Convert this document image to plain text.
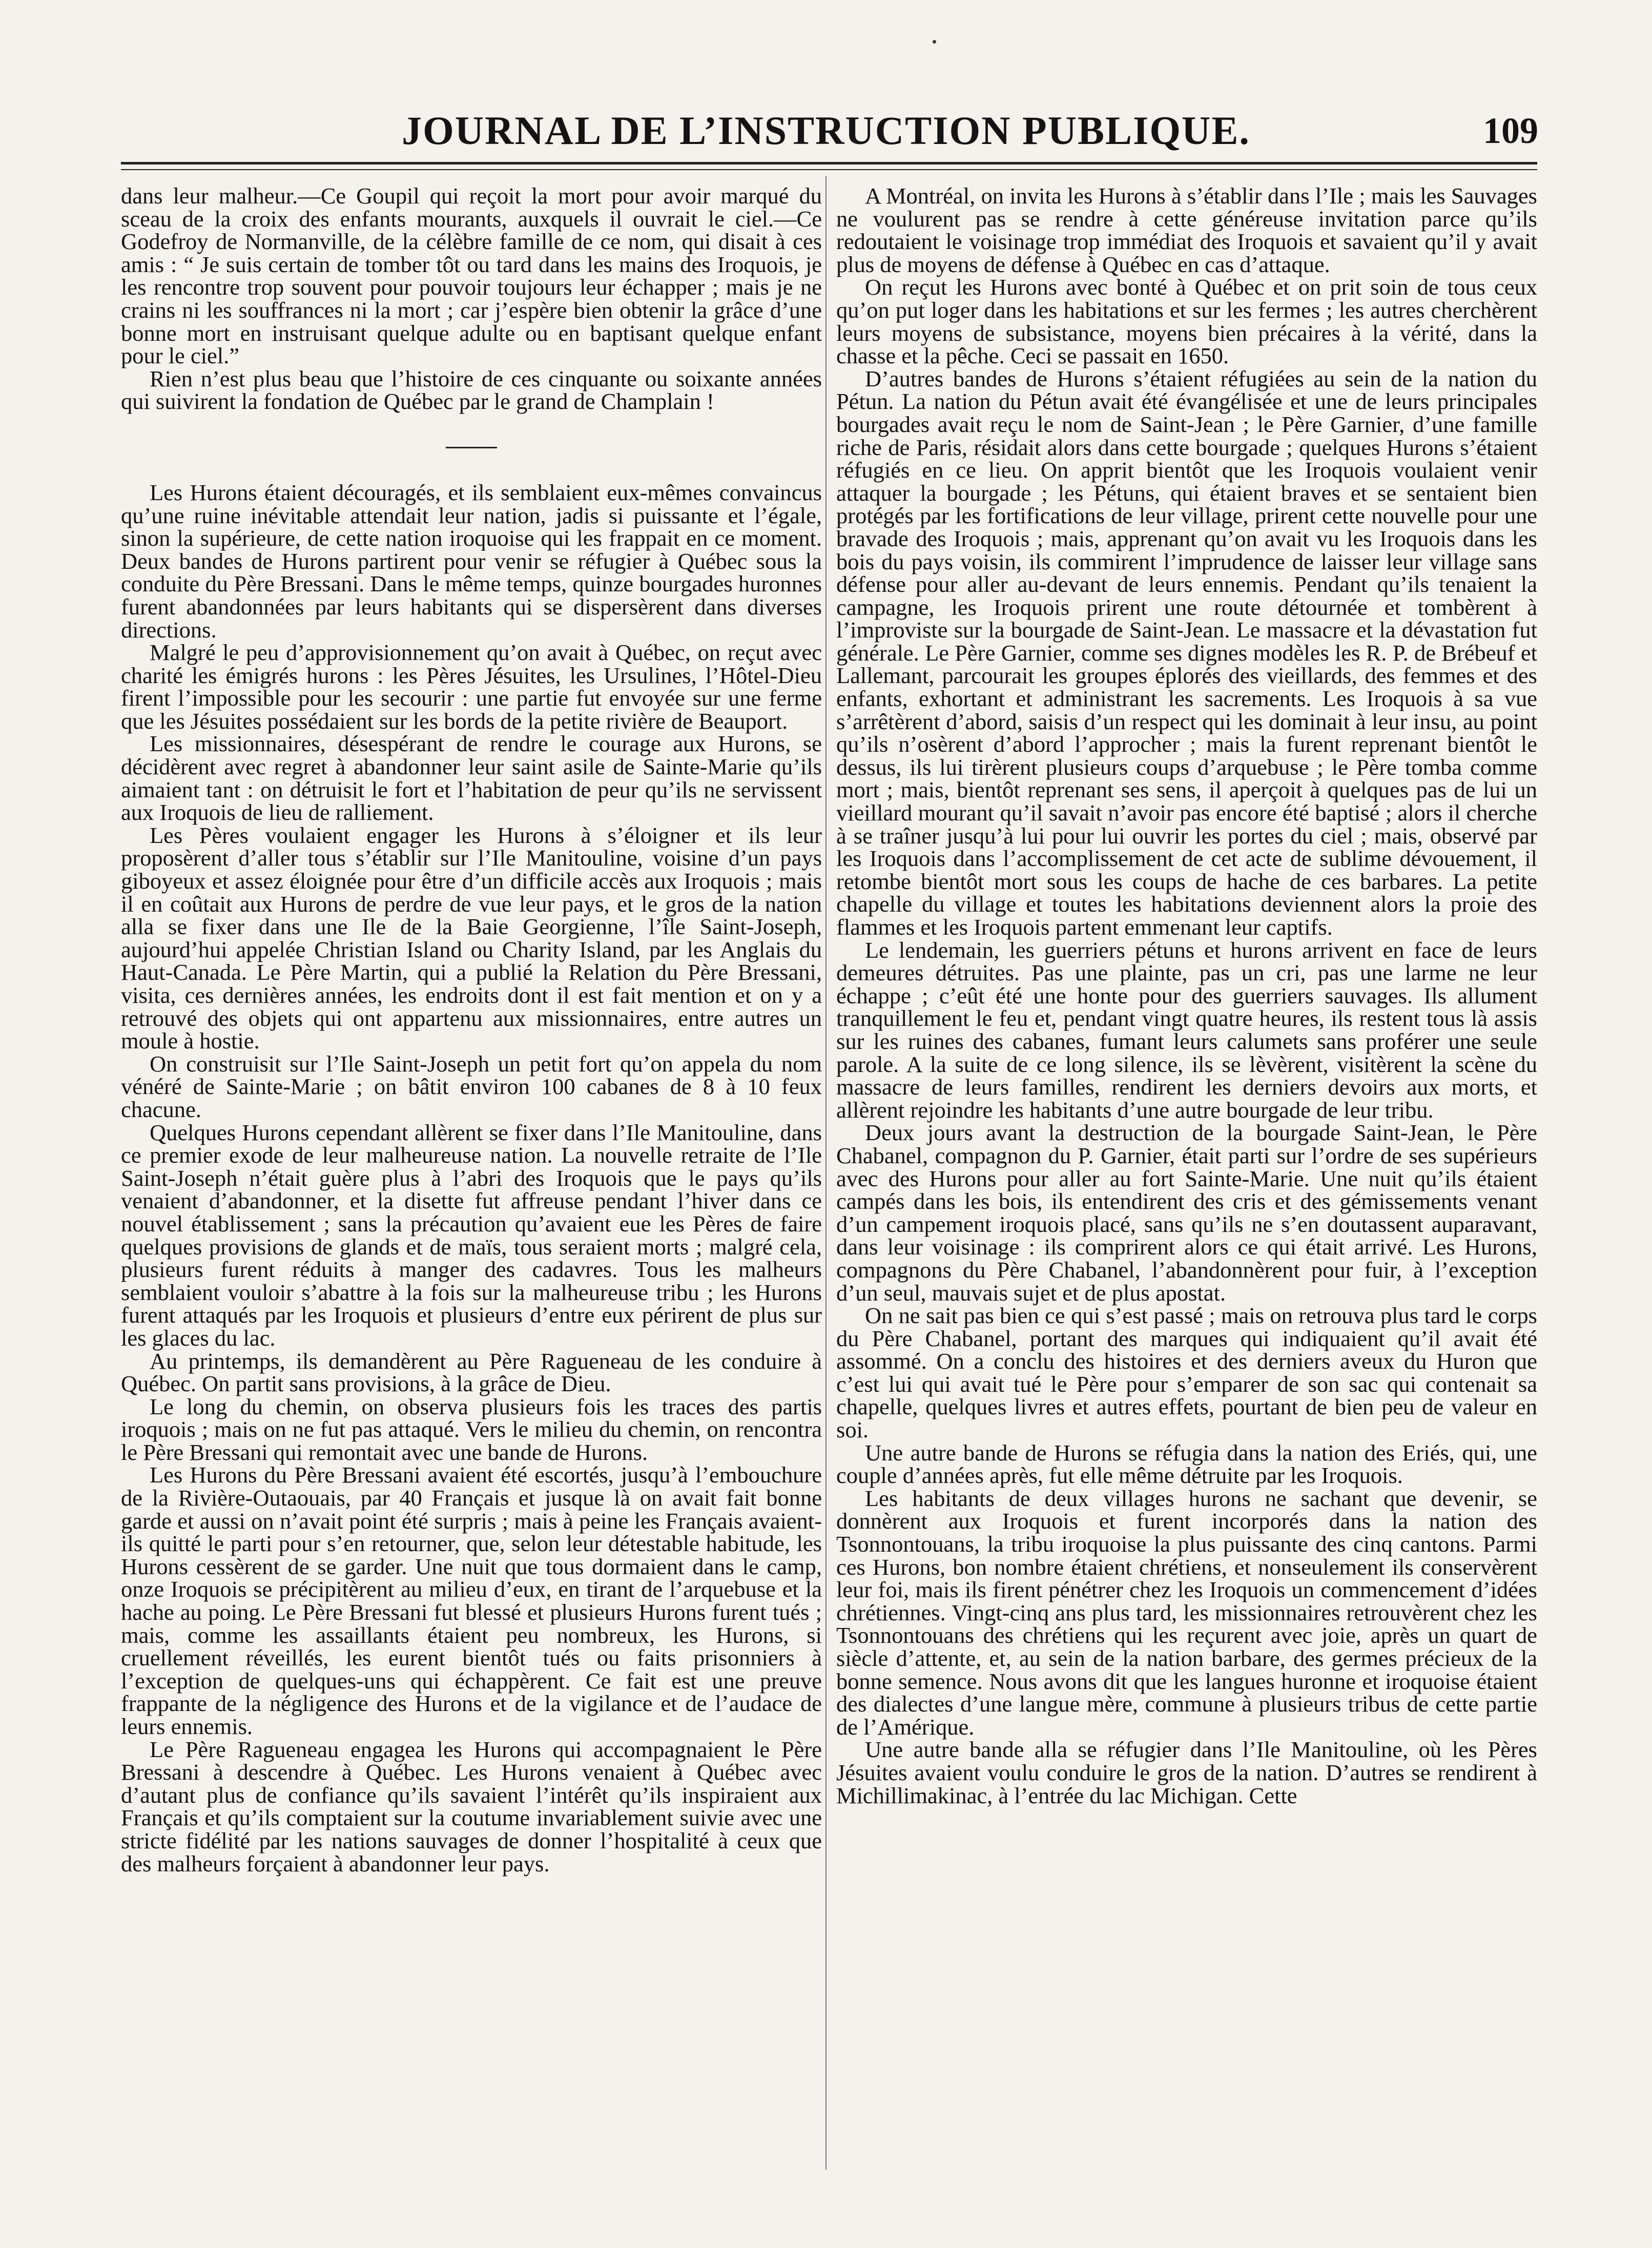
JOURNAL DE L’INSTRUCTION PUBLIQUE.	109

dans leur malheur.—Ce Goupil qui reçoit la mort pour avoir marqué du sceau de la croix des enfants mourants, auxquels il ouvrait le ciel.—Ce Godefroy de Normanville, de la célèbre famille de ce nom, qui disait à ces amis : “ Je suis certain de tomber tôt ou tard dans les mains des Iroquois, je les rencontre trop souvent pour pouvoir toujours leur échapper ; mais je ne crains ni les souffrances ni la mort ; car j’espère bien obtenir la grâce d’une bonne mort en instruisant quelque adulte ou en baptisant quelque enfant pour le ciel.”

Rien n’est plus beau que l’histoire de ces cinquante ou soixante années qui suivirent la fondation de Québec par le grand de Champlain !

Les Hurons étaient découragés, et ils semblaient eux-mêmes convaincus qu’une ruine inévitable attendait leur nation, jadis si puissante et l’égale, sinon la supérieure, de cette nation iroquoise qui les frappait en ce moment. Deux bandes de Hurons partirent pour venir se réfugier à Québec sous la conduite du Père Bressani. Dans le même temps, quinze bourgades huronnes furent abandonnées par leurs habitants qui se dispersèrent dans diverses directions.

Malgré le peu d’approvisionnement qu’on avait à Québec, on reçut avec charité les émigrés hurons : les Pères Jésuites, les Ursulines, l’Hôtel-Dieu firent l’impossible pour les secourir : une partie fut envoyée sur une ferme que les Jésuites possédaient sur les bords de la petite rivière de Beauport.

Les missionnaires, désespérant de rendre le courage aux Hurons, se décidèrent avec regret à abandonner leur saint asile de Sainte-Marie qu’ils aimaient tant : on détruisit le fort et l’habitation de peur qu’ils ne servissent aux Iroquois de lieu de ralliement.

Les Pères voulaient engager les Hurons à s’éloigner et ils leur proposèrent d’aller tous s’établir sur l’Ile Manitouline, voisine d’un pays giboyeux et assez éloignée pour être d’un difficile accès aux Iroquois ; mais il en coûtait aux Hurons de perdre de vue leur pays, et le gros de la nation alla se fixer dans une Ile de la Baie Georgienne, l’île Saint-Joseph, aujourd’hui appelée Christian Island ou Charity Island, par les Anglais du Haut-Canada. Le Père Martin, qui a publié la Relation du Père Bressani, visita, ces dernières années, les endroits dont il est fait mention et on y a retrouvé des objets qui ont appartenu aux missionnaires, entre autres un moule à hostie.

On construisit sur l’Ile Saint-Joseph un petit fort qu’on appela du nom vénéré de Sainte-Marie ; on bâtit environ 100 cabanes de 8 à 10 feux chacune.

Quelques Hurons cependant allèrent se fixer dans l’Ile Manitouline, dans ce premier exode de leur malheureuse nation. La nouvelle retraite de l’Ile Saint-Joseph n’était guère plus à l’abri des Iroquois que le pays qu’ils venaient d’abandonner, et la disette fut affreuse pendant l’hiver dans ce nouvel établissement ; sans la précaution qu’avaient eue les Pères de faire quelques provisions de glands et de maïs, tous seraient morts ; malgré cela, plusieurs furent réduits à manger des cadavres. Tous les malheurs semblaient vouloir s’abattre à la fois sur la malheureuse tribu ; les Hurons furent attaqués par les Iroquois et plusieurs d’entre eux périrent de plus sur les glaces du lac.

Au printemps, ils demandèrent au Père Ragueneau de les conduire à Québec. On partit sans provisions, à la grâce de Dieu.

Le long du chemin, on observa plusieurs fois les traces des partis iroquois ; mais on ne fut pas attaqué. Vers le milieu du chemin, on rencontra le Père Bressani qui remontait avec une bande de Hurons.

Les Hurons du Père Bressani avaient été escortés, jusqu’à l’embouchure de la Rivière-Outaouais, par 40 Français et jusque là on avait fait bonne garde et aussi on n’avait point été surpris ; mais à peine les Français avaient-ils quitté le parti pour s’en retourner, que, selon leur détestable habitude, les Hurons cessèrent de se garder. Une nuit que tous dormaient dans le camp, onze Iroquois se précipitèrent au milieu d’eux, en tirant de l’arquebuse et la hache au poing. Le Père Bressani fut blessé et plusieurs Hurons furent tués ; mais, comme les assaillants étaient peu nombreux, les Hurons, si cruellement réveillés, les eurent bientôt tués ou faits prisonniers à l’exception de quelques-uns qui échappèrent. Ce fait est une preuve frappante de la négligence des Hurons et de la vigilance et de l’audace de leurs ennemis.

Le Père Ragueneau engagea les Hurons qui accompagnaient le Père Bressani à descendre à Québec. Les Hurons venaient à Québec avec d’autant plus de confiance qu’ils savaient l’intérêt qu’ils inspiraient aux Français et qu’ils comptaient sur la coutume invariablement suivie avec une stricte fidélité par les nations sauvages de donner l’hospitalité à ceux que des malheurs forçaient à abandonner leur pays.

A Montréal, on invita les Hurons à s’établir dans l’Ile ; mais les Sauvages ne voulurent pas se rendre à cette généreuse invitation parce qu’ils redoutaient le voisinage trop immédiat des Iroquois et savaient qu’il y avait plus de moyens de défense à Québec en cas d’attaque.

On reçut les Hurons avec bonté à Québec et on prit soin de tous ceux qu’on put loger dans les habitations et sur les fermes ; les autres cherchèrent leurs moyens de subsistance, moyens bien précaires à la vérité, dans la chasse et la pêche. Ceci se passait en 1650.

D’autres bandes de Hurons s’étaient réfugiées au sein de la nation du Pétun. La nation du Pétun avait été évangélisée et une de leurs principales bourgades avait reçu le nom de Saint-Jean ; le Père Garnier, d’une famille riche de Paris, résidait alors dans cette bourgade ; quelques Hurons s’étaient réfugiés en ce lieu. On apprit bientôt que les Iroquois voulaient venir attaquer la bourgade ; les Pétuns, qui étaient braves et se sentaient bien protégés par les fortifications de leur village, prirent cette nouvelle pour une bravade des Iroquois ; mais, apprenant qu’on avait vu les Iroquois dans les bois du pays voisin, ils commirent l’imprudence de laisser leur village sans défense pour aller au-devant de leurs ennemis. Pendant qu’ils tenaient la campagne, les Iroquois prirent une route détournée et tombèrent à l’improviste sur la bourgade de Saint-Jean. Le massacre et la dévastation fut générale. Le Père Garnier, comme ses dignes modèles les R. P. de Brébeuf et Lallemant, parcourait les groupes éplorés des vieillards, des femmes et des enfants, exhortant et administrant les sacrements. Les Iroquois à sa vue s’arrêtèrent d’abord, saisis d’un respect qui les dominait à leur insu, au point qu’ils n’osèrent d’abord l’approcher ; mais la furent reprenant bientôt le dessus, ils lui tirèrent plusieurs coups d’arquebuse ; le Père tomba comme mort ; mais, bientôt reprenant ses sens, il aperçoit à quelques pas de lui un vieillard mourant qu’il savait n’avoir pas encore été baptisé ; alors il cherche à se traîner jusqu’à lui pour lui ouvrir les portes du ciel ; mais, observé par les Iroquois dans l’accomplissement de cet acte de sublime dévouement, il retombe bientôt mort sous les coups de hache de ces barbares. La petite chapelle du village et toutes les habitations deviennent alors la proie des flammes et les Iroquois partent emmenant leur captifs.

Le lendemain, les guerriers pétuns et hurons arrivent en face de leurs demeures détruites. Pas une plainte, pas un cri, pas une larme ne leur échappe ; c’eût été une honte pour des guerriers sauvages. Ils allument tranquillement le feu et, pendant vingt quatre heures, ils restent tous là assis sur les ruines des cabanes, fumant leurs calumets sans proférer une seule parole. A la suite de ce long silence, ils se lèvèrent, visitèrent la scène du massacre de leurs familles, rendirent les derniers devoirs aux morts, et allèrent rejoindre les habitants d’une autre bourgade de leur tribu.

Deux jours avant la destruction de la bourgade Saint-Jean, le Père Chabanel, compagnon du P. Garnier, était parti sur l’ordre de ses supérieurs avec des Hurons pour aller au fort Sainte-Marie. Une nuit qu’ils étaient campés dans les bois, ils entendirent des cris et des gémissements venant d’un campement iroquois placé, sans qu’ils ne s’en doutassent auparavant, dans leur voisinage : ils comprirent alors ce qui était arrivé. Les Hurons, compagnons du Père Chabanel, l’abandonnèrent pour fuir, à l’exception d’un seul, mauvais sujet et de plus apostat.

On ne sait pas bien ce qui s’est passé ; mais on retrouva plus tard le corps du Père Chabanel, portant des marques qui indiquaient qu’il avait été assommé. On a conclu des histoires et des derniers aveux du Huron que c’est lui qui avait tué le Père pour s’emparer de son sac qui contenait sa chapelle, quelques livres et autres effets, pourtant de bien peu de valeur en soi.

Une autre bande de Hurons se réfugia dans la nation des Eriés, qui, une couple d’années après, fut elle même détruite par les Iroquois.

Les habitants de deux villages hurons ne sachant que devenir, se donnèrent aux Iroquois et furent incorporés dans la nation des Tsonnontouans, la tribu iroquoise la plus puissante des cinq cantons. Parmi ces Hurons, bon nombre étaient chrétiens, et nonseulement ils conservèrent leur foi, mais ils firent pénétrer chez les Iroquois un commencement d’idées chrétiennes. Vingt-cinq ans plus tard, les missionnaires retrouvèrent chez les Tsonnontouans des chrétiens qui les reçurent avec joie, après un quart de siècle d’attente, et, au sein de la nation barbare, des germes précieux de la bonne semence. Nous avons dit que les langues huronne et iroquoise étaient des dialectes d’une langue mère, commune à plusieurs tribus de cette partie de l’Amérique.

Une autre bande alla se réfugier dans l’Ile Manitouline, où les Pères Jésuites avaient voulu conduire le gros de la nation. D’autres se rendirent à Michillimakinac, à l’entrée du lac Michigan. Cette
